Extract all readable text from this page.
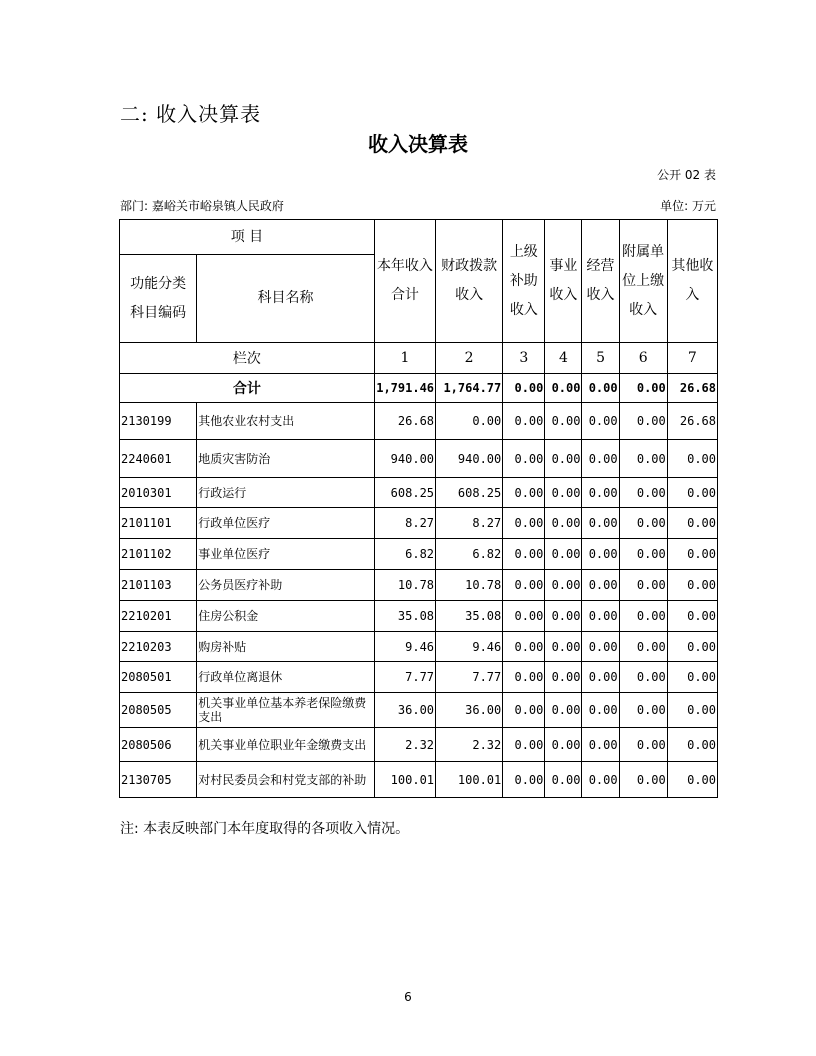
二: 收入决算表
收入决算表
公开 02 表
部门: 嘉峪关市峪泉镇人民政府	单位: 万元
项 目		本年收入合计	财政拨款收入	上级补助收入	事业收入	经营收入	附属单位上缴收入	其他收入
功能分类科目编码	科目名称							

栏次		1	2	3	4	5	6	7
合计		1,791.46	1,764.77	0.00	0.00	0.00	0.00	26.68
2130199	其他农业农村支出	26.68	0.00	0.00	0.00	0.00	0.00	26.68
2240601	地质灾害防治	940.00	940.00	0.00	0.00	0.00	0.00	0.00
2010301	行政运行	608.25	608.25	0.00	0.00	0.00	0.00	0.00
2101101	行政单位医疗	8.27	8.27	0.00	0.00	0.00	0.00	0.00
2101102	事业单位医疗	6.82	6.82	0.00	0.00	0.00	0.00	0.00
2101103	公务员医疗补助	10.78	10.78	0.00	0.00	0.00	0.00	0.00
2210201	住房公积金	35.08	35.08	0.00	0.00	0.00	0.00	0.00
2210203	购房补贴	9.46	9.46	0.00	0.00	0.00	0.00	0.00
2080501	行政单位离退休	7.77	7.77	0.00	0.00	0.00	0.00	0.00
2080505	机关事业单位基本养老保险缴费支出	36.00	36.00	0.00	0.00	0.00	0.00	0.00
2080506	机关事业单位职业年金缴费支出	2.32	2.32	0.00	0.00	0.00	0.00	0.00
2130705	对村民委员会和村党支部的补助	100.01	100.01	0.00	0.00	0.00	0.00	0.00
注: 本表反映部门本年度取得的各项收入情况。
6
